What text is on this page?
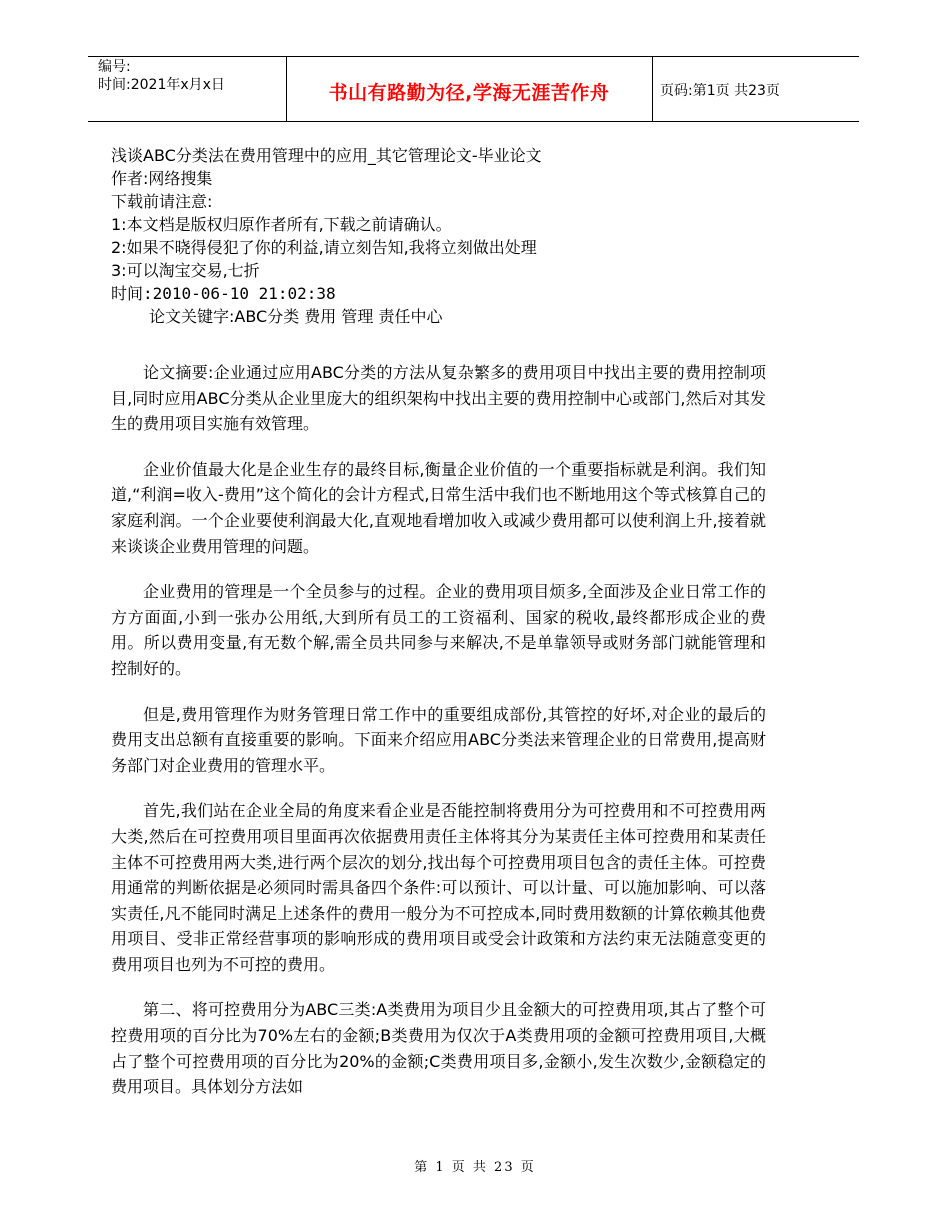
编号:
时间:2021年x月x日	书山有路勤为径,学海无涯苦作舟	页码:第1页 共23页
浅谈ABC分类法在费用管理中的应用_其它管理论文-毕业论文
作者:网络搜集
下载前请注意:
1:本文档是版权归原作者所有,下载之前请确认。
2:如果不晓得侵犯了你的利益,请立刻告知,我将立刻做出处理
3:可以淘宝交易,七折
时间:2010-06-10 21:02:38
论文关键字:ABC分类 费用 管理 责任中心

论文摘要:企业通过应用ABC分类的方法从复杂繁多的费用项目中找出主要的费用控制项目,同时应用ABC分类从企业里庞大的组织架构中找出主要的费用控制中心或部门,然后对其发生的费用项目实施有效管理。

企业价值最大化是企业生存的最终目标,衡量企业价值的一个重要指标就是利润。我们知道,“利润=收入-费用”这个简化的会计方程式,日常生活中我们也不断地用这个等式核算自己的家庭利润。一个企业要使利润最大化,直观地看增加收入或减少费用都可以使利润上升,接着就来谈谈企业费用管理的问题。

企业费用的管理是一个全员参与的过程。企业的费用项目烦多,全面涉及企业日常工作的方方面面,小到一张办公用纸,大到所有员工的工资福利、国家的税收,最终都形成企业的费用。所以费用变量,有无数个解,需全员共同参与来解决,不是单靠领导或财务部门就能管理和控制好的。

但是,费用管理作为财务管理日常工作中的重要组成部份,其管控的好坏,对企业的最后的费用支出总额有直接重要的影响。下面来介绍应用ABC分类法来管理企业的日常费用,提高财务部门对企业费用的管理水平。

首先,我们站在企业全局的角度来看企业是否能控制将费用分为可控费用和不可控费用两大类,然后在可控费用项目里面再次依据费用责任主体将其分为某责任主体可控费用和某责任主体不可控费用两大类,进行两个层次的划分,找出每个可控费用项目包含的责任主体。可控费用通常的判断依据是必须同时需具备四个条件:可以预计、可以计量、可以施加影响、可以落实责任,凡不能同时满足上述条件的费用一般分为不可控成本,同时费用数额的计算依赖其他费用项目、受非正常经营事项的影响形成的费用项目或受会计政策和方法约束无法随意变更的费用项目也列为不可控的费用。

第二、将可控费用分为ABC三类:A类费用为项目少且金额大的可控费用项,其占了整个可控费用项的百分比为70%左右的金额;B类费用为仅次于A类费用项的金额可控费用项目,大概占了整个可控费用项的百分比为20%的金额;C类费用项目多,金额小,发生次数少,金额稳定的费用项目。具体划分方法如

第 1 页 共 23 页
